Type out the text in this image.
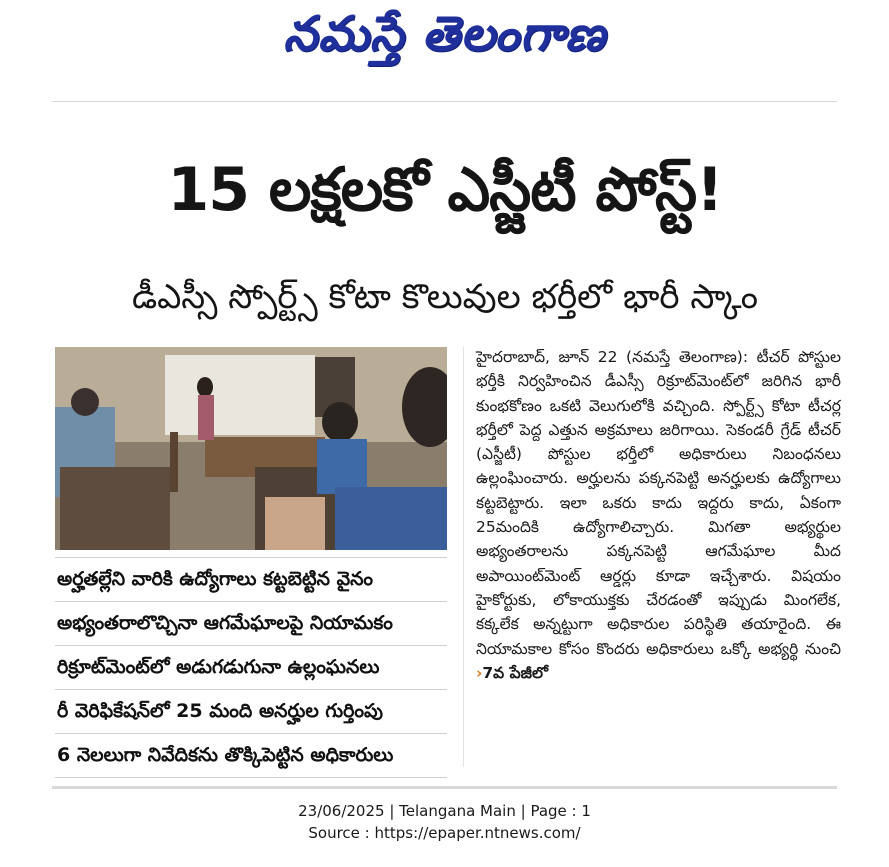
నమస్తే తెలంగాణ
15 లక్షలకో ఎస్జీటీ పోస్ట్!
డీఎస్సీ స్పోర్ట్స్ కోటా కొలువుల భర్తీలో భారీ స్కాం
హైదరాబాద్, జూన్ 22 (నమస్తే తెలంగాణ): టీచర్ పోస్టుల భర్తీకి నిర్వహించిన డీఎస్సీ రిక్రూట్‌మెంట్‌లో జరిగిన భారీ కుంభకోణం ఒకటి వెలుగులోకి వచ్చింది. స్పోర్ట్స్ కోటా టీచర్ల భర్తీలో పెద్ద ఎత్తున అక్రమాలు జరిగాయి. సెకండరీ గ్రేడ్ టీచర్ (ఎస్జీటీ) పోస్టుల భర్తీలో అధికారులు నిబంధనలు ఉల్లంఘించారు. అర్హులను పక్కనపెట్టి అనర్హులకు ఉద్యోగాలు కట్టబెట్టారు. ఇలా ఒకరు కాదు ఇద్దరు కాదు, ఏకంగా 25మందికి ఉద్యోగాలిచ్చారు. మిగతా అభ్యర్థుల అభ్యంతరాలను పక్కనపెట్టి ఆగమేఘాల మీద అపాయింట్‌మెంట్ ఆర్డర్లు కూడా ఇచ్చేశారు. విషయం హైకోర్టుకు, లోకాయుక్తకు చేరడంతో ఇప్పుడు మింగలేక, కక్కలేక అన్నట్టుగా అధికారుల పరిస్థితి తయారైంది. ఈ నియామకాల కోసం కొందరు అధికారులు ఒక్కో అభ్యర్థి నుంచి ›7వ పేజీలో
అర్హతల్లేని వారికి ఉద్యోగాలు కట్టబెట్టిన వైనం
అభ్యంతరాలొచ్చినా ఆగమేఘాలపై నియామకం
రిక్రూట్‌మెంట్‌లో అడుగడుగునా ఉల్లంఘనలు
రీ వెరిఫికేషన్‌లో 25 మంది అనర్హుల గుర్తింపు
6 నెలలుగా నివేదికను తొక్కిపెట్టిన అధికారులు
23/06/2025 | Telangana Main | Page : 1
Source : https://epaper.ntnews.com/
